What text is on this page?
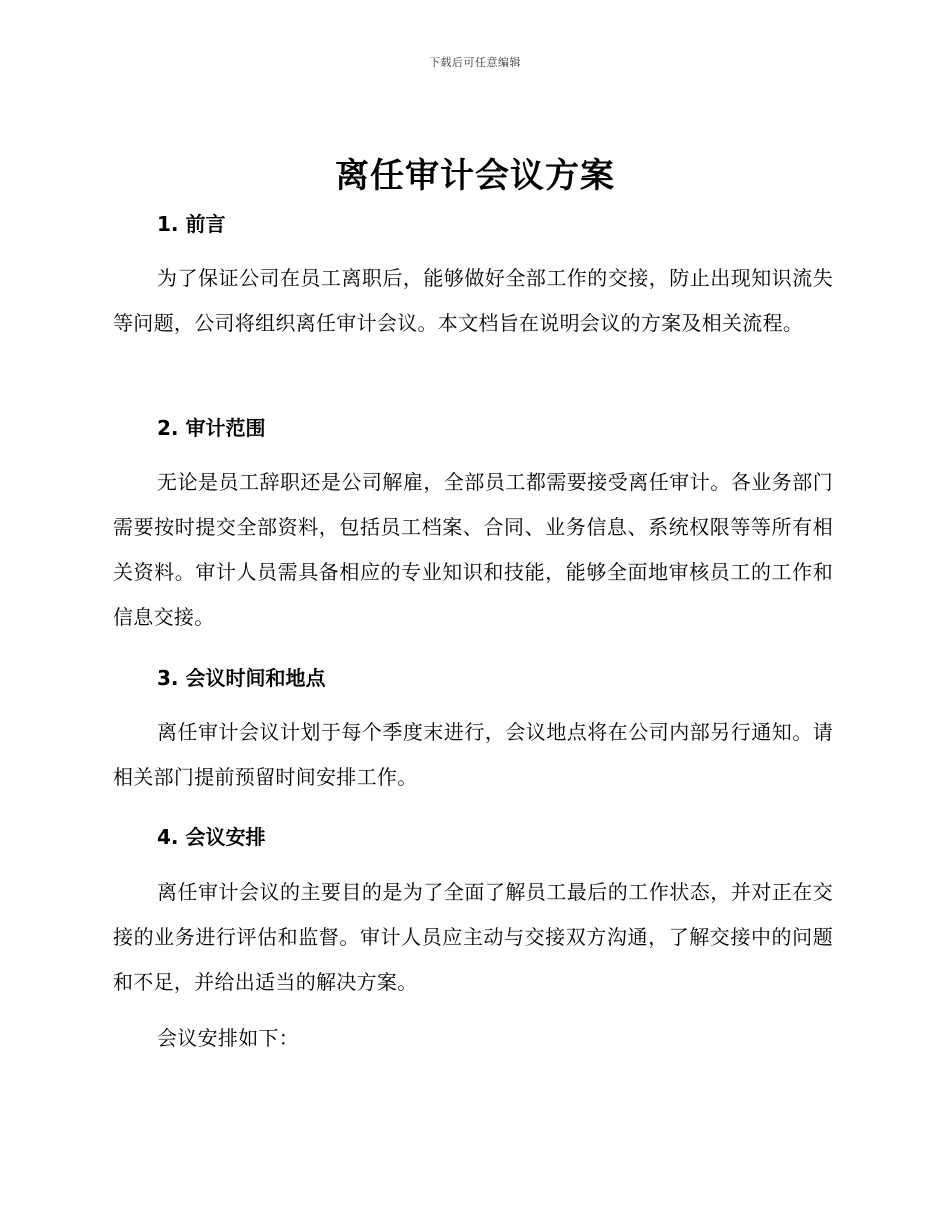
下载后可任意编辑
离任审计会议方案
1. 前言

为了保证公司在员工离职后，能够做好全部工作的交接，防止出现知识流失等问题，公司将组织离任审计会议。本文档旨在说明会议的方案及相关流程。

2. 审计范围

无论是员工辞职还是公司解雇，全部员工都需要接受离任审计。各业务部门需要按时提交全部资料，包括员工档案、合同、业务信息、系统权限等等所有相关资料。审计人员需具备相应的专业知识和技能，能够全面地审核员工的工作和信息交接。

3. 会议时间和地点

离任审计会议计划于每个季度末进行，会议地点将在公司内部另行通知。请相关部门提前预留时间安排工作。

4. 会议安排

离任审计会议的主要目的是为了全面了解员工最后的工作状态，并对正在交接的业务进行评估和监督。审计人员应主动与交接双方沟通，了解交接中的问题和不足，并给出适当的解决方案。

会议安排如下：
